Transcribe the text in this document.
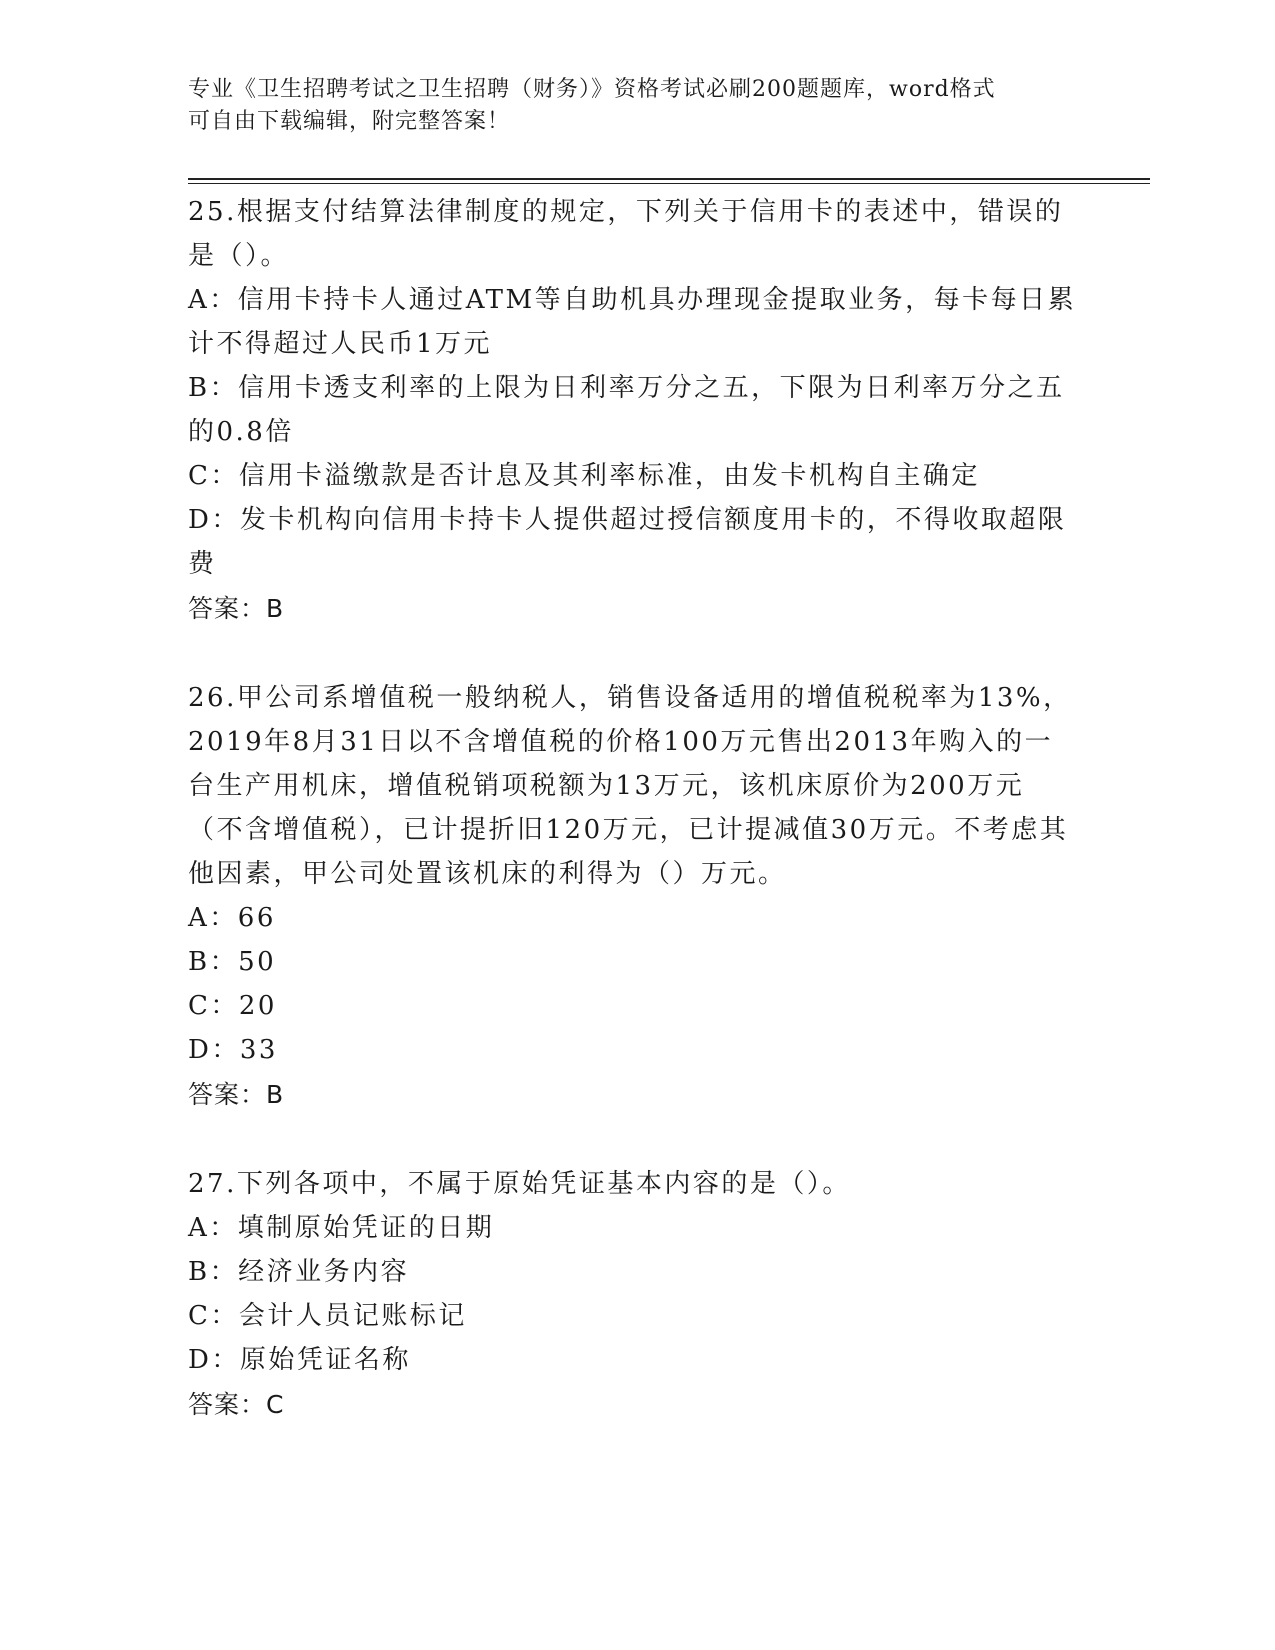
专业《卫生招聘考试之卫生招聘（财务）》资格考试必刷200题题库，word格式
可自由下载编辑，附完整答案！

25.根据支付结算法律制度的规定，下列关于信用卡的表述中，错误的是（）。

A：信用卡持卡人通过ATM等自助机具办理现金提取业务，每卡每日累计不得超过人民币1万元

B：信用卡透支利率的上限为日利率万分之五，下限为日利率万分之五的0.8倍

C：信用卡溢缴款是否计息及其利率标准，由发卡机构自主确定

D：发卡机构向信用卡持卡人提供超过授信额度用卡的，不得收取超限费

答案：B

26.甲公司系增值税一般纳税人，销售设备适用的增值税税率为13%，2019年8月31日以不含增值税的价格100万元售出2013年购入的一台生产用机床，增值税销项税额为13万元，该机床原价为200万元（不含增值税），已计提折旧120万元，已计提减值30万元。不考虑其他因素，甲公司处置该机床的利得为（）万元。

A：66

B：50

C：20

D：33

答案：B

27.下列各项中，不属于原始凭证基本内容的是（）。

A：填制原始凭证的日期

B：经济业务内容

C：会计人员记账标记

D：原始凭证名称

答案：C
